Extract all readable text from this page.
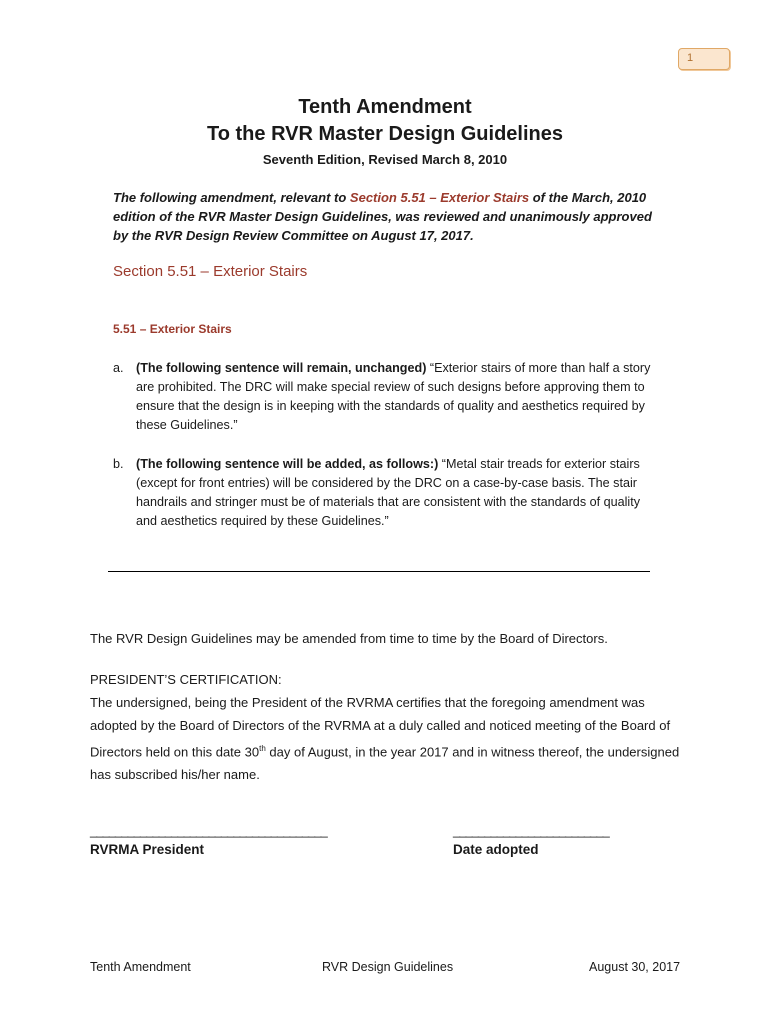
1
Tenth Amendment
To the RVR Master Design Guidelines
Seventh Edition, Revised March 8, 2010
The following amendment, relevant to Section 5.51 – Exterior Stairs of the March, 2010 edition of the RVR Master Design Guidelines, was reviewed and unanimously approved by the RVR Design Review Committee on August 17, 2017.
Section 5.51 – Exterior Stairs
5.51 – Exterior Stairs
a. (The following sentence will remain, unchanged) “Exterior stairs of more than half a story are prohibited. The DRC will make special review of such designs before approving them to ensure that the design is in keeping with the standards of quality and aesthetics required by these Guidelines.”
b. (The following sentence will be added, as follows:) “Metal stair treads for exterior stairs (except for front entries) will be considered by the DRC on a case-by-case basis. The stair handrails and stringer must be of materials that are consistent with the standards of quality and aesthetics required by these Guidelines.”
The RVR Design Guidelines may be amended from time to time by the Board of Directors.
PRESIDENT’S CERTIFICATION:
The undersigned, being the President of the RVRMA certifies that the foregoing amendment was adopted by the Board of Directors of the RVRMA at a duly called and noticed meeting of the Board of Directors held on this date 30th day of August, in the year 2017 and in witness thereof, the undersigned has subscribed his/her name.
______________________________________	_________________________
RVRMA President	Date adopted
Tenth Amendment	RVR Design Guidelines	August 30, 2017
